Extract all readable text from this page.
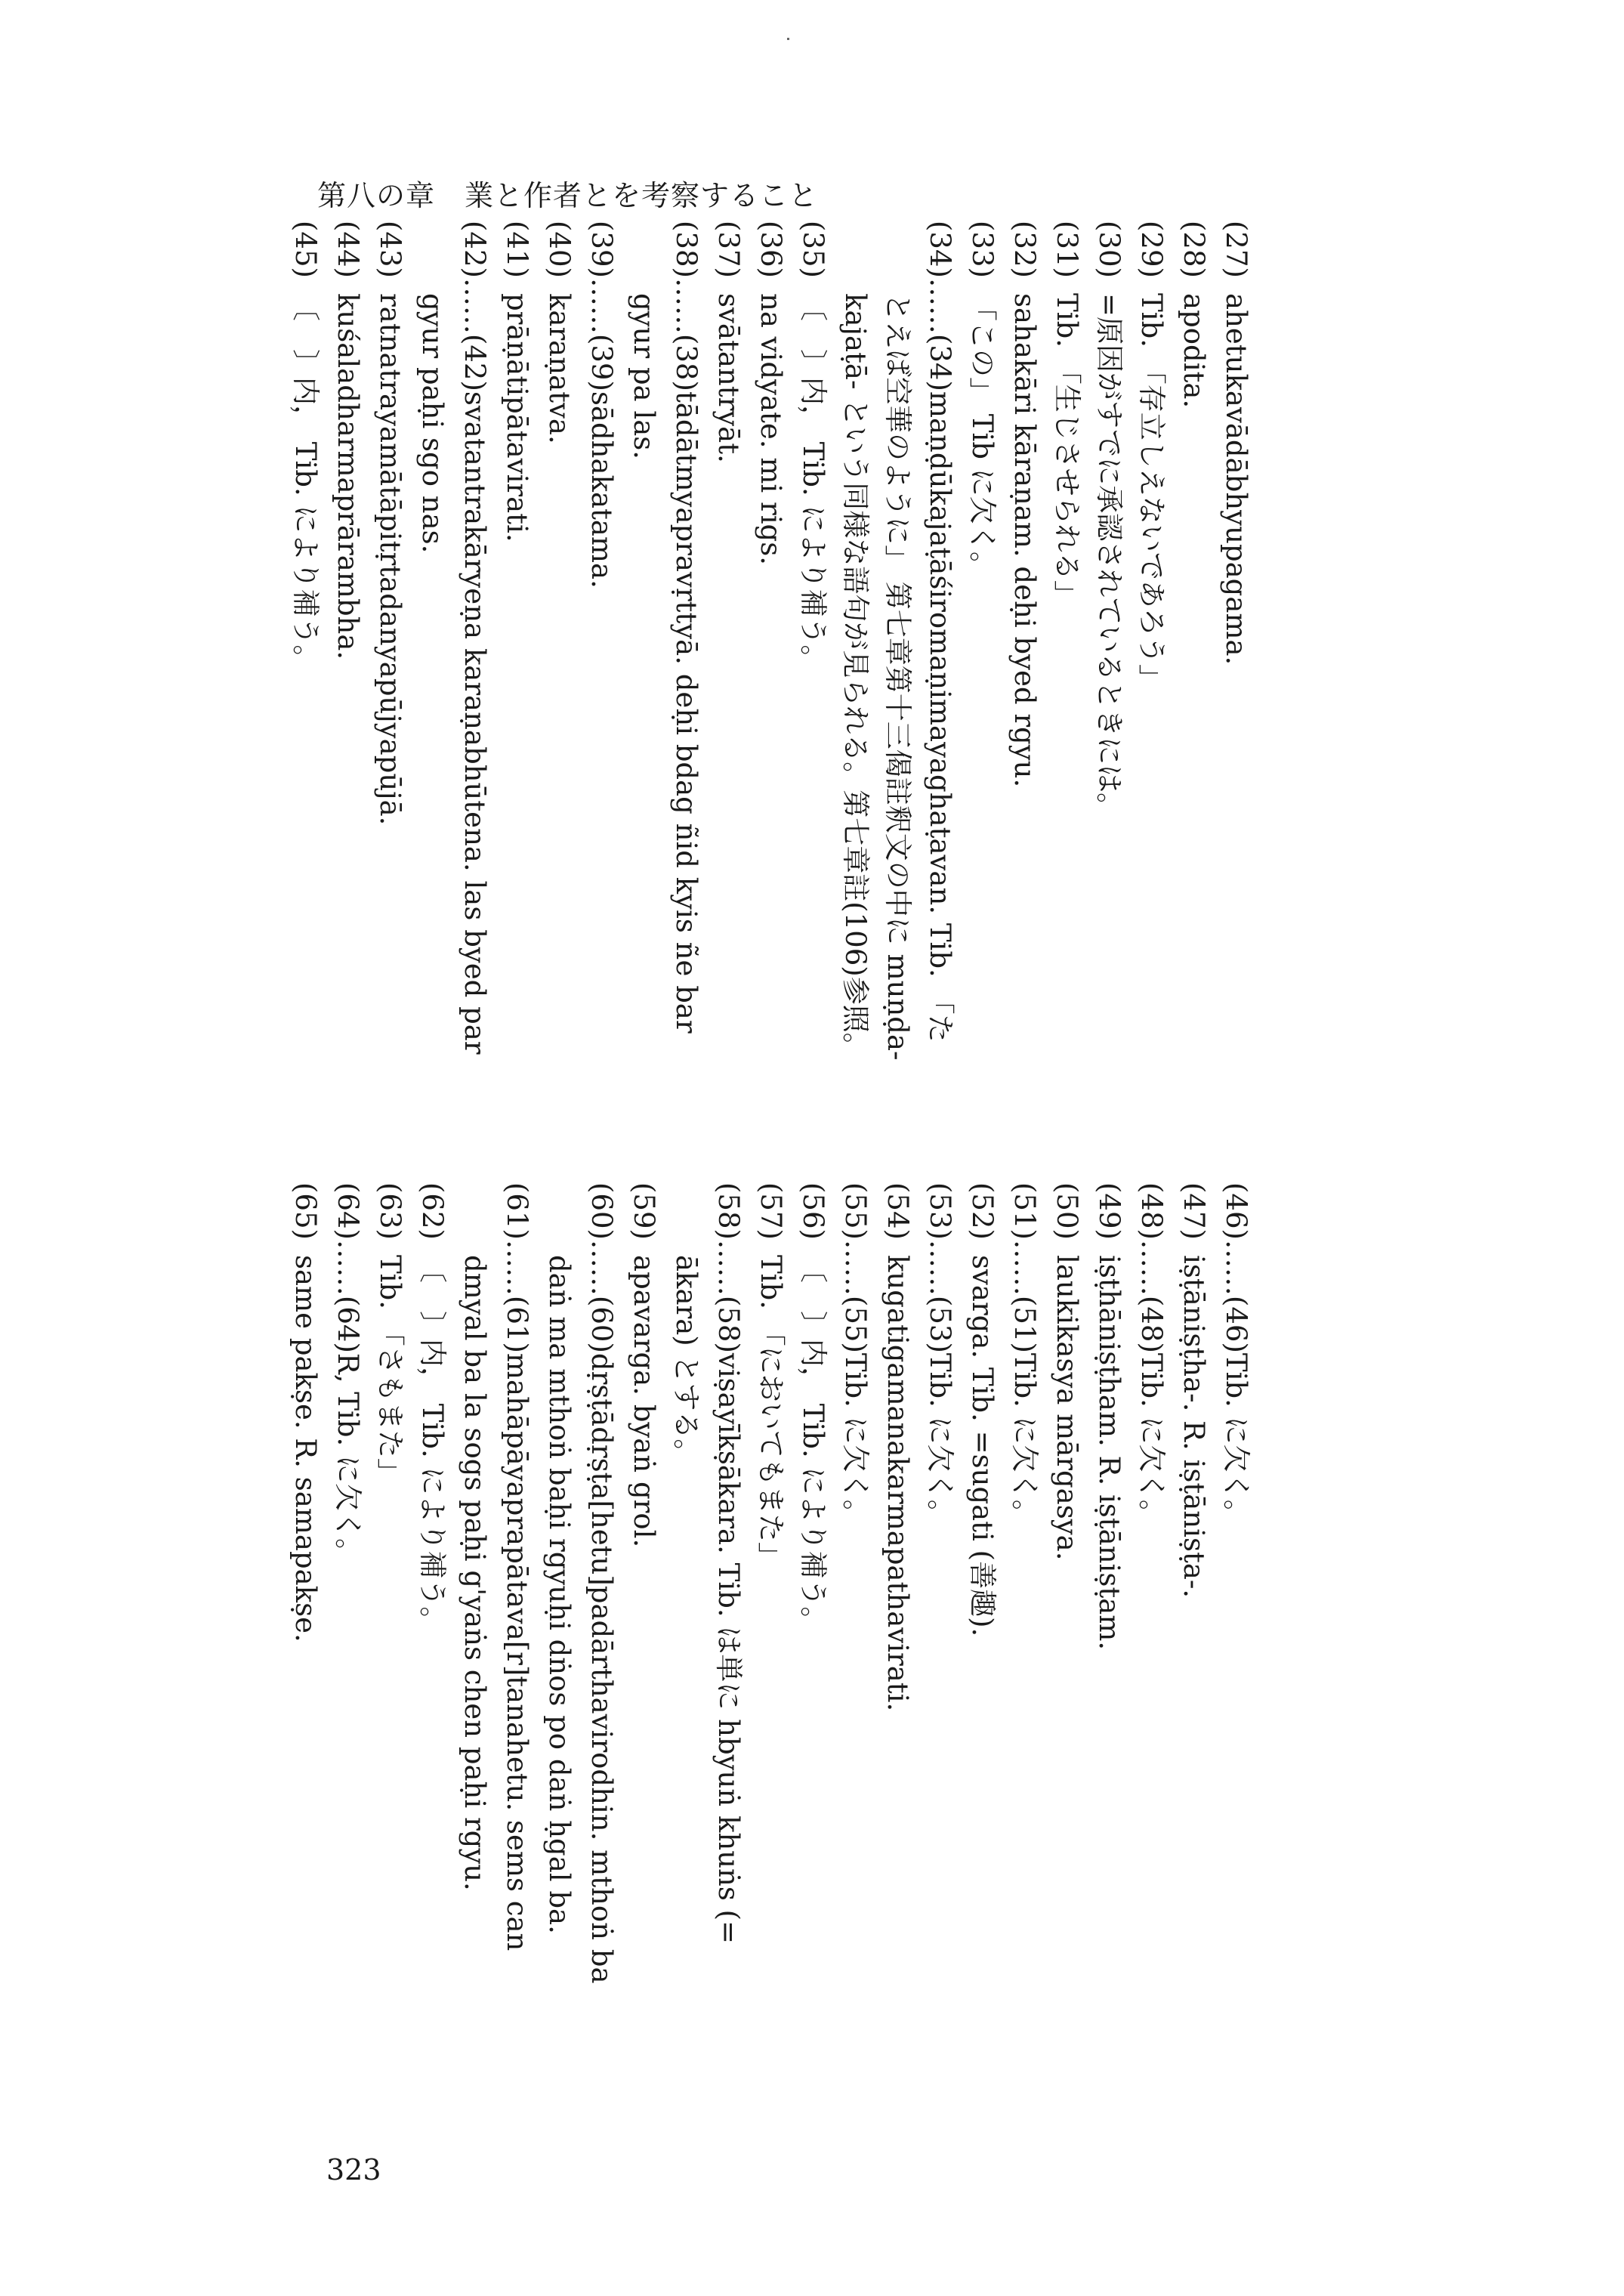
第八の章　業と作者とを考察すること
(27)ahetukavādābhyupagama.
(28)apodita.
(29)Tib. 「存立しえないであろう」
(30)=原因がすでに承認されているときには。
(31)Tib. 「生じさせられる」
(32)sahakāri kāraṇam. deḥi byed rgyu.
(33)「この」 Tib に欠く。
(34)……(34)maṇḍūkajaṭāśiromaṇimayaghaṭavan. Tib. 「た
とえば空華のように」 第七章第十三偈註釈文の中に muṇḍa-
kajaṭā- という同様な語句が見られる。第七章註(106)参照。
(35)〔　〕内， Tib. により補う。
(36)na vidyate. mi rigs.
(37)svātantryāt.
(38)……(38)tādātmyapravṛttyā. deḥi bdag ñid kyis ñe bar
gyur pa las.
(39)……(39)sādhakatama.
(40)karaṇatva.
(41)prāṇātipātavirati.
(42)……(42)svatantrakāryeṇa karaṇabhūtena. las byed par
gyur paḥi sgo nas.
(43)ratnatrayamātāpitṛtadanyapūjyapūjā.
(44)kuśaladharmaprārambha.
(45)〔　〕内， Tib. により補う。
(46)……(46)Tib. に欠く。
(47)iṣṭāniṣṭha-. R. iṣṭāniṣṭa-.
(48)……(48)Tib. に欠く。
(49)iṣṭhāniṣṭham. R. iṣṭāniṣṭam.
(50)laukikasya mārgasya.
(51)……(51)Tib. に欠く。
(52)svarga. Tib. =sugati (善趣).
(53)……(53)Tib. に欠く。
(54)kugatigamanakarmapathavirati.
(55)……(55)Tib. に欠く。
(56)〔　〕内， Tib. により補う。
(57)Tib. 「においてもまた」
(58)……(58)viṣayīkṣākara. Tib. は単に hbyuṅ khuṅs (=
ākara) とする。
(59)apavarga. byaṅ grol.
(60)……(60)dṛṣṭādṛṣṭa[hetu]padārthavirodhin. mthoṅ ba
daṅ ma mthoṅ baḥi rgyuḥi dṅos po daṅ ḥgal ba.
(61)……(61)mahāpāyaprapātava[r]tanahetu. sems can
dmyal ba la sogs paḥi g'yaṅs chen paḥi rgyu.
(62)〔　〕内， Tib. により補う。
(63)Tib. 「さもまた」
(64)……(64)R, Tib. に欠く。
(65)same pakṣe. R. samapakṣe.
323
